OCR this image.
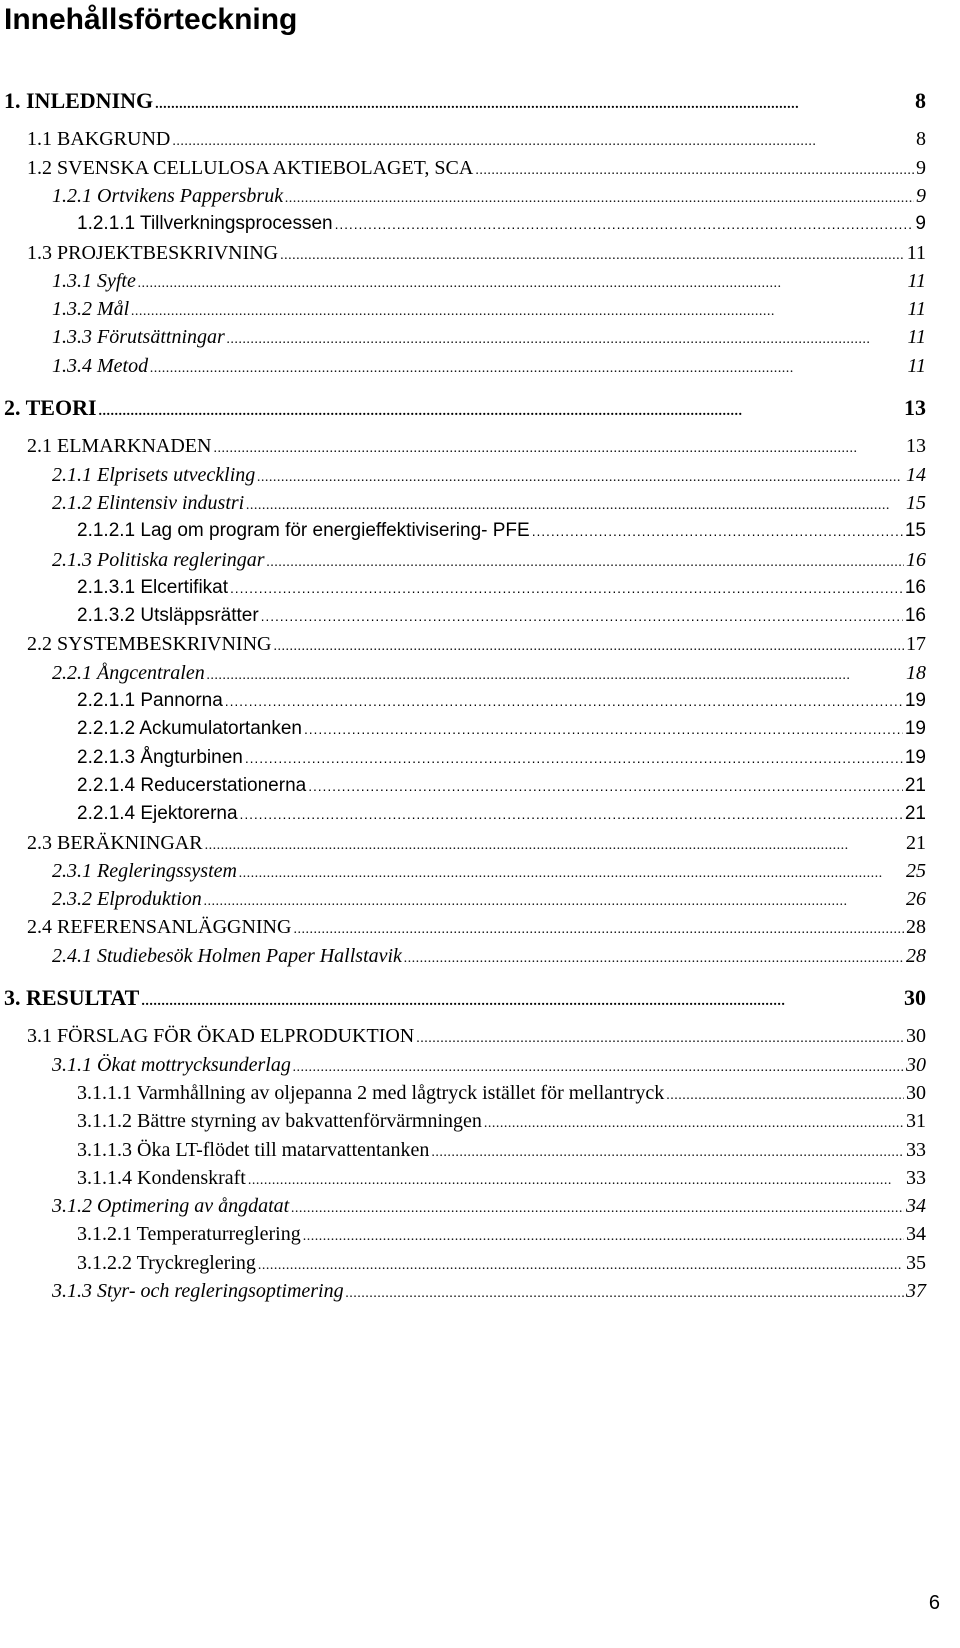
Innehållsförteckning
1. INLEDNING . . .	8
1.1 BAKGRUND . . .	8
1.2 SVENSKA CELLULOSA AKTIEBOLAGET, SCA . . .	9
1.2.1 Ortvikens Pappersbruk . . .	9
1.2.1.1 Tillverkningsprocessen . . .	9
1.3 PROJEKTBESKRIVNING . . .	11
1.3.1 Syfte . . .	11
1.3.2 Mål . . .	11
1.3.3 Förutsättningar . . .	11
1.3.4 Metod . . .	11
2. TEORI . . .	13
2.1 ELMARKNADEN . . .	13
2.1.1 Elprisets utveckling . . .	14
2.1.2 Elintensiv industri . . .	15
2.1.2.1 Lag om program för energieffektivisering- PFE . . .	15
2.1.3 Politiska regleringar . . .	16
2.1.3.1 Elcertifikat . . .	16
2.1.3.2 Utsläppsrätter . . .	16
2.2 SYSTEMBESKRIVNING . . .	17
2.2.1 Ångcentralen . . .	18
2.2.1.1 Pannorna . . .	19
2.2.1.2 Ackumulatortanken . . .	19
2.2.1.3 Ångturbinen . . .	19
2.2.1.4 Reducerstationerna . . .	21
2.2.1.4 Ejektorerna . . .	21
2.3 BERÄKNINGAR . . .	21
2.3.1 Regleringssystem . . .	25
2.3.2 Elproduktion . . .	26
2.4 REFERENSANLÄGGNING . . .	28
2.4.1 Studiebesök Holmen Paper Hallstavik . . .	28
3. RESULTAT . . .	30
3.1 FÖRSLAG FÖR ÖKAD ELPRODUKTION . . .	30
3.1.1 Ökat mottrycksunderlag . . .	30
3.1.1.1 Varmhållning av oljepanna 2 med lågtryck istället för mellantryck . . .	30
3.1.1.2 Bättre styrning av bakvattenförvärmningen . . .	31
3.1.1.3 Öka LT-flödet till matarvattentanken . . .	33
3.1.1.4 Kondenskraft . . .	33
3.1.2 Optimering av ångdatat . . .	34
3.1.2.1 Temperaturreglering . . .	34
3.1.2.2 Tryckreglering . . .	35
3.1.3 Styr- och regleringsoptimering . . .	37
6
